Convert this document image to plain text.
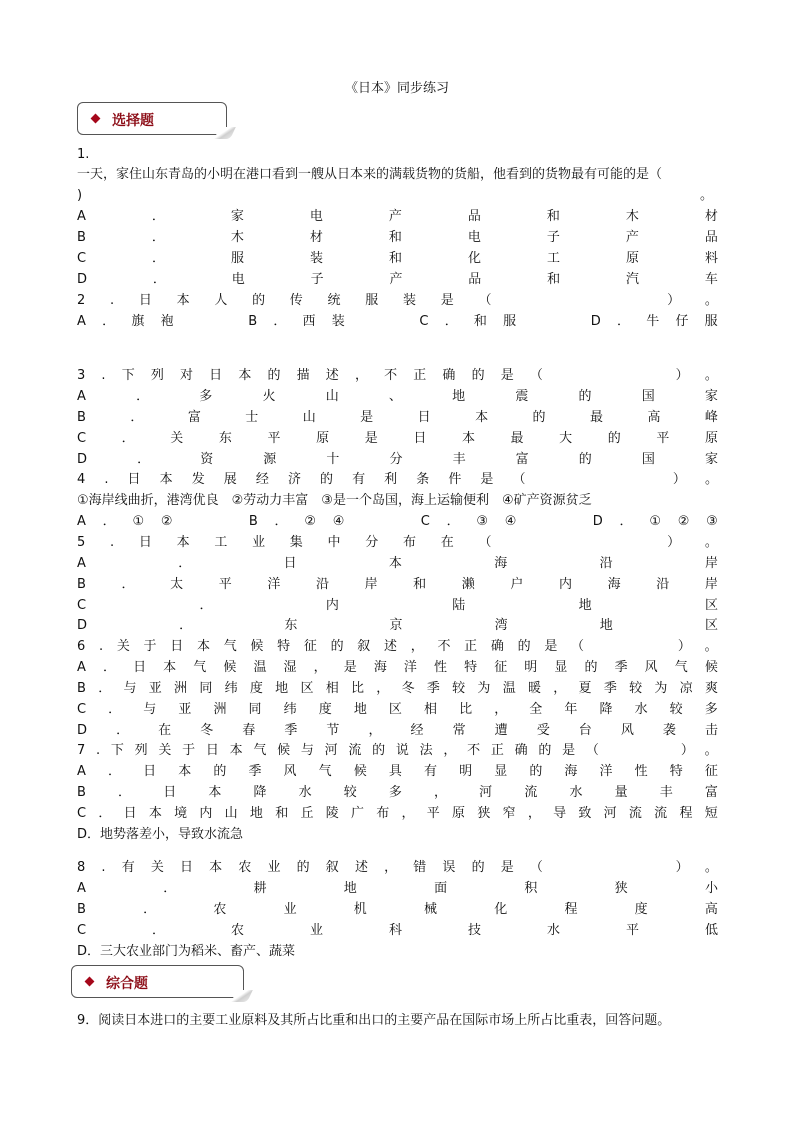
《日本》同步练习
选择题
综合题
1.
一天，家住山东青岛的小明在港口看到一艘从日本来的满载货物的货船，他看到的货物最有可能的是（
)
A	．	家	电	产	品	和	木	材
B	．	木	材	和	电	子	产	品
C	．	服	装	和	化	工	原	料
D	．	电	子	产	品	和	汽	车
2 . 日 本 人 的 传 统 服 装 是 （

　	） 。
A ． 旗 袍

　	B ． 西 装

　	C ． 和 服

　	D ． 牛 仔 服
3 . 下 列 对 日 本 的 描 述 ， 不 正 确 的 是 （

　	） 。
A	．	多	火	山	、	地	震	的	国	家
B	．	富	士	山	是	日	本	的	最	高	峰
C	．	关	东	平	原	是	日	本	最	大	的	平	原
D	．	资	源	十	分	丰	富	的	国	家
4 . 日 本 发 展 经 济 的 有 利 条 件 是 （

　	） 。
①海岸线曲折，港湾优良　②劳动力丰富　③是一个岛国，海上运输便利　④矿产资源贫乏
A ． ① ②

　	B ． ② ④

　	C ． ③ ④

　	D ． ① ② ③
5 . 日 本 工 业 集 中 分 布 在 （

　	） 。
A	．	日	本	海	沿	岸
B	．	太	平	洋	沿	岸	和	濑	户	内	海	沿	岸
C	．	内	陆	地	区
D	．	东	京	湾	地	区
6 . 关 于 日 本 气 候 特 征 的 叙 述 ， 不 正 确 的 是 （

　	） 。
A ． 日 本 气 候 温 湿 ， 是 海 洋 性 特 征 明 显 的 季 风 气 候
B ． 与 亚 洲 同 纬 度 地 区 相 比 ， 冬 季 较 为 温 暖 ， 夏 季 较 为 凉 爽
C ． 与 亚 洲 同 纬 度 地 区 相 比 ， 全 年 降 水 较 多
D ． 在 冬 春 季 节 ， 经 常 遭 受 台 风 袭 击
7 . 下 列 关 于 日 本 气 候 与 河 流 的 说 法 ， 不 正 确 的 是 （

　	） 。
A ． 日 本 的 季 风 气 候 具 有 明 显 的 海 洋 性 特 征
B ． 日 本 降 水 较 多 ， 河 流 水 量 丰 富
C ． 日 本 境 内 山 地 和 丘 陵 广 布 ， 平 原 狭 窄 ， 导 致 河 流 流 程 短
D．地势落差小，导致水流急
8 . 有 关 日 本 农 业 的 叙 述 ， 错 误 的 是 （

　	） 。
A	．	耕	地	面	积	狭	小
B	．	农	业	机	械	化	程	度	高
C	．	农	业	科	技	水	平	低
D．三大农业部门为稻米、畜产、蔬菜
9．阅读日本进口的主要工业原料及其所占比重和出口的主要产品在国际市场上所占比重表，回答问题。
。
